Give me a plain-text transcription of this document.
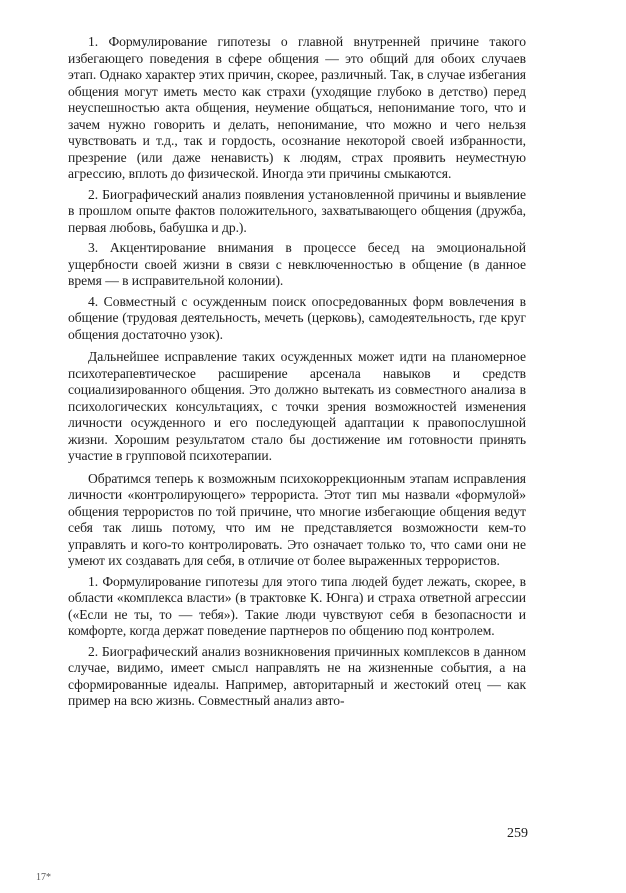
1. Формулирование гипотезы о главной внутренней причине такого избегающего поведения в сфере общения — это общий для обоих случаев этап. Однако характер этих причин, скорее, различный. Так, в случае избегания общения могут иметь место как страхи (уходящие глубоко в детство) перед неуспешностью акта общения, неумение общаться, непонимание того, что и зачем нужно говорить и делать, непонимание, что можно и чего нельзя чувствовать и т.д., так и гордость, осознание некоторой своей избранности, презрение (или даже ненависть) к людям, страх проявить неуместную агрессию, вплоть до физической. Иногда эти причины смыкаются.

2. Биографический анализ появления установленной причины и выявление в прошлом опыте фактов положительного, захватывающего общения (дружба, первая любовь, бабушка и др.).

3. Акцентирование внимания в процессе бесед на эмоциональной ущербности своей жизни в связи с невключенностью в общение (в данное время — в исправительной колонии).

4. Совместный с осужденным поиск опосредованных форм вовлечения в общение (трудовая деятельность, мечеть (церковь), самодеятельность, где круг общения достаточно узок).

Дальнейшее исправление таких осужденных может идти на планомерное психотерапевтическое расширение арсенала навыков и средств социализированного общения. Это должно вытекать из совместного анализа в психологических консультациях, с точки зрения возможностей изменения личности осужденного и его последующей адаптации к правопослушной жизни. Хорошим результатом стало бы достижение им готовности принять участие в групповой психотерапии.

Обратимся теперь к возможным психокоррекционным этапам исправления личности «контролирующего» террориста. Этот тип мы назвали «формулой» общения террористов по той причине, что многие избегающие общения ведут себя так лишь потому, что им не представляется возможности кем-то управлять и кого-то контролировать. Это означает только то, что сами они не умеют их создавать для себя, в отличие от более выраженных террористов.

1. Формулирование гипотезы для этого типа людей будет лежать, скорее, в области «комплекса власти» (в трактовке К. Юнга) и страха ответной агрессии («Если не ты, то — тебя»). Такие люди чувствуют себя в безопасности и комфорте, когда держат поведение партнеров по общению под контролем.

2. Биографический анализ возникновения причинных комплексов в данном случае, видимо, имеет смысл направлять не на жизненные события, а на сформированные идеалы. Например, авторитарный и жестокий отец — как пример на всю жизнь. Совместный анализ авто-

259
17*
